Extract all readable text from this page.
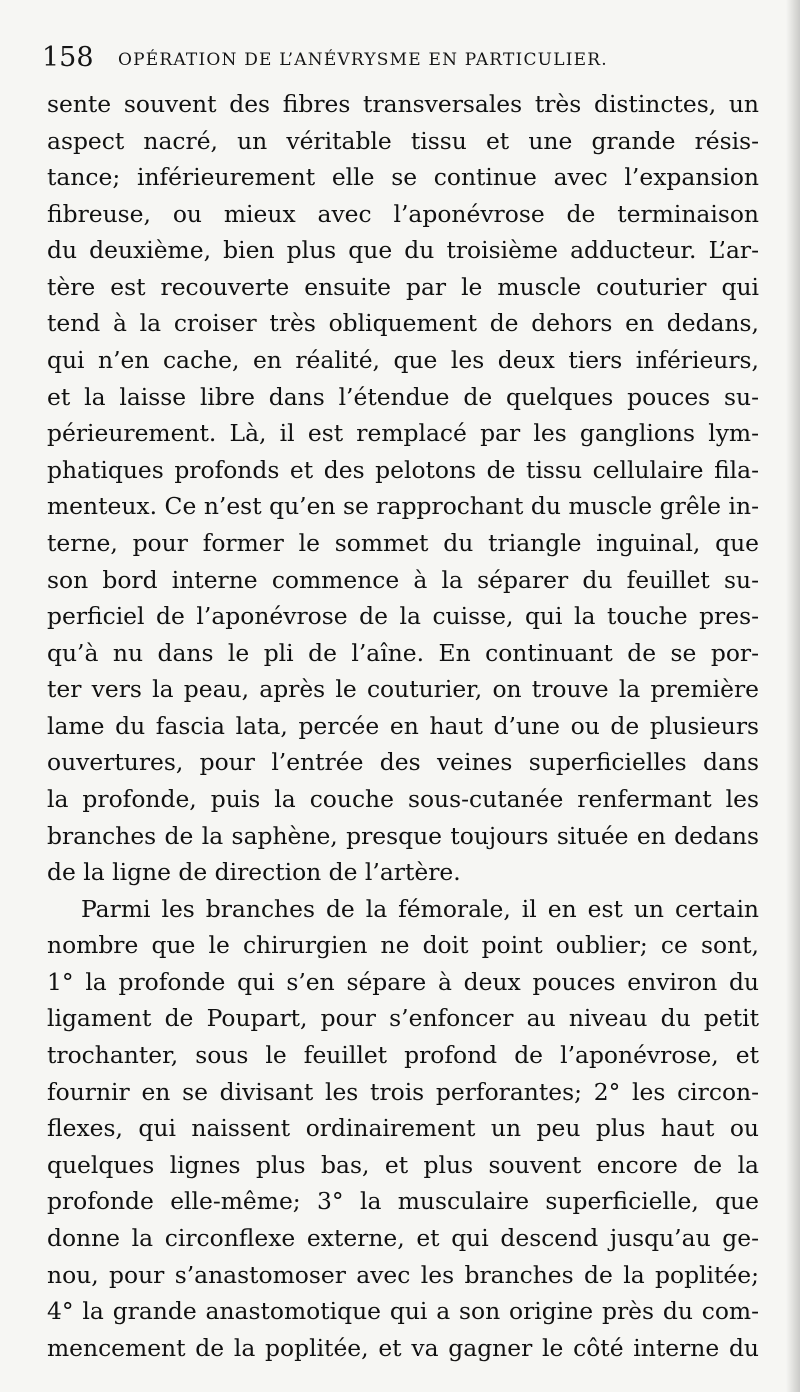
158 OPÉRATION DE L’ANÉVRYSME EN PARTICULIER.
sente souvent des fibres transversales très distinctes, un
aspect nacré, un véritable tissu et une grande résis-
tance; inférieurement elle se continue avec l’expansion
fibreuse, ou mieux avec l’aponévrose de terminaison
du deuxième, bien plus que du troisième adducteur. L’ar-
tère est recouverte ensuite par le muscle couturier qui
tend à la croiser très obliquement de dehors en dedans,
qui n’en cache, en réalité, que les deux tiers inférieurs,
et la laisse libre dans l’étendue de quelques pouces su-
périeurement. Là, il est remplacé par les ganglions lym-
phatiques profonds et des pelotons de tissu cellulaire fila-
menteux. Ce n’est qu’en se rapprochant du muscle grêle in-
terne, pour former le sommet du triangle inguinal, que
son bord interne commence à la séparer du feuillet su-
perficiel de l’aponévrose de la cuisse, qui la touche pres-
qu’à nu dans le pli de l’aîne. En continuant de se por-
ter vers la peau, après le couturier, on trouve la première
lame du fascia lata, percée en haut d’une ou de plusieurs
ouvertures, pour l’entrée des veines superficielles dans
la profonde, puis la couche sous-cutanée renfermant les
branches de la saphène, presque toujours située en dedans
de la ligne de direction de l’artère.
Parmi les branches de la fémorale, il en est un certain
nombre que le chirurgien ne doit point oublier; ce sont,
1° la profonde qui s’en sépare à deux pouces environ du
ligament de Poupart, pour s’enfoncer au niveau du petit
trochanter, sous le feuillet profond de l’aponévrose, et
fournir en se divisant les trois perforantes; 2° les circon-
flexes, qui naissent ordinairement un peu plus haut ou
quelques lignes plus bas, et plus souvent encore de la
profonde elle-même; 3° la musculaire superficielle, que
donne la circonflexe externe, et qui descend jusqu’au ge-
nou, pour s’anastomoser avec les branches de la poplitée;
4° la grande anastomotique qui a son origine près du com-
mencement de la poplitée, et va gagner le côté interne du
